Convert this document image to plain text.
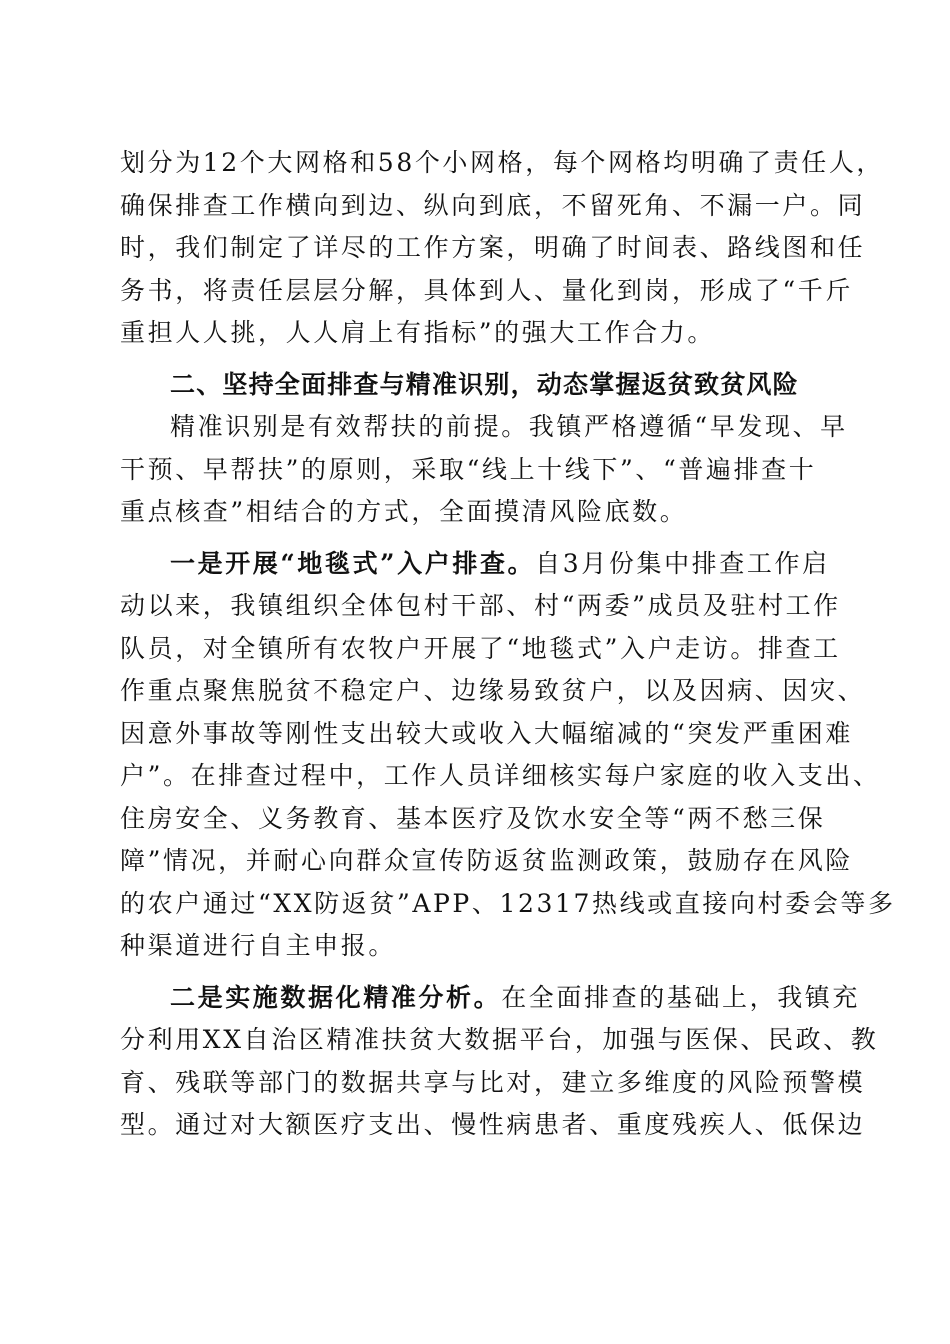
划分为12个大网格和58个小网格，每个网格均明确了责任人，
确保排查工作横向到边、纵向到底，不留死角、不漏一户。同
时，我们制定了详尽的工作方案，明确了时间表、路线图和任
务书，将责任层层分解，具体到人、量化到岗，形成了“千斤
重担人人挑，人人肩上有指标”的强大工作合力。
二、坚持全面排查与精准识别，动态掌握返贫致贫风险
精准识别是有效帮扶的前提。我镇严格遵循“早发现、早
干预、早帮扶”的原则，采取“线上十线下”、“普遍排查十
重点核查”相结合的方式，全面摸清风险底数。
一是开展“地毯式”入户排查。自3月份集中排查工作启
动以来，我镇组织全体包村干部、村“两委”成员及驻村工作
队员，对全镇所有农牧户开展了“地毯式”入户走访。排查工
作重点聚焦脱贫不稳定户、边缘易致贫户，以及因病、因灾、
因意外事故等刚性支出较大或收入大幅缩减的“突发严重困难
户”。在排查过程中，工作人员详细核实每户家庭的收入支出、
住房安全、义务教育、基本医疗及饮水安全等“两不愁三保
障”情况，并耐心向群众宣传防返贫监测政策，鼓励存在风险
的农户通过“XX防返贫”APP、12317热线或直接向村委会等多
种渠道进行自主申报。
二是实施数据化精准分析。在全面排查的基础上，我镇充
分利用XX自治区精准扶贫大数据平台，加强与医保、民政、教
育、残联等部门的数据共享与比对，建立多维度的风险预警模
型。通过对大额医疗支出、慢性病患者、重度残疾人、低保边
